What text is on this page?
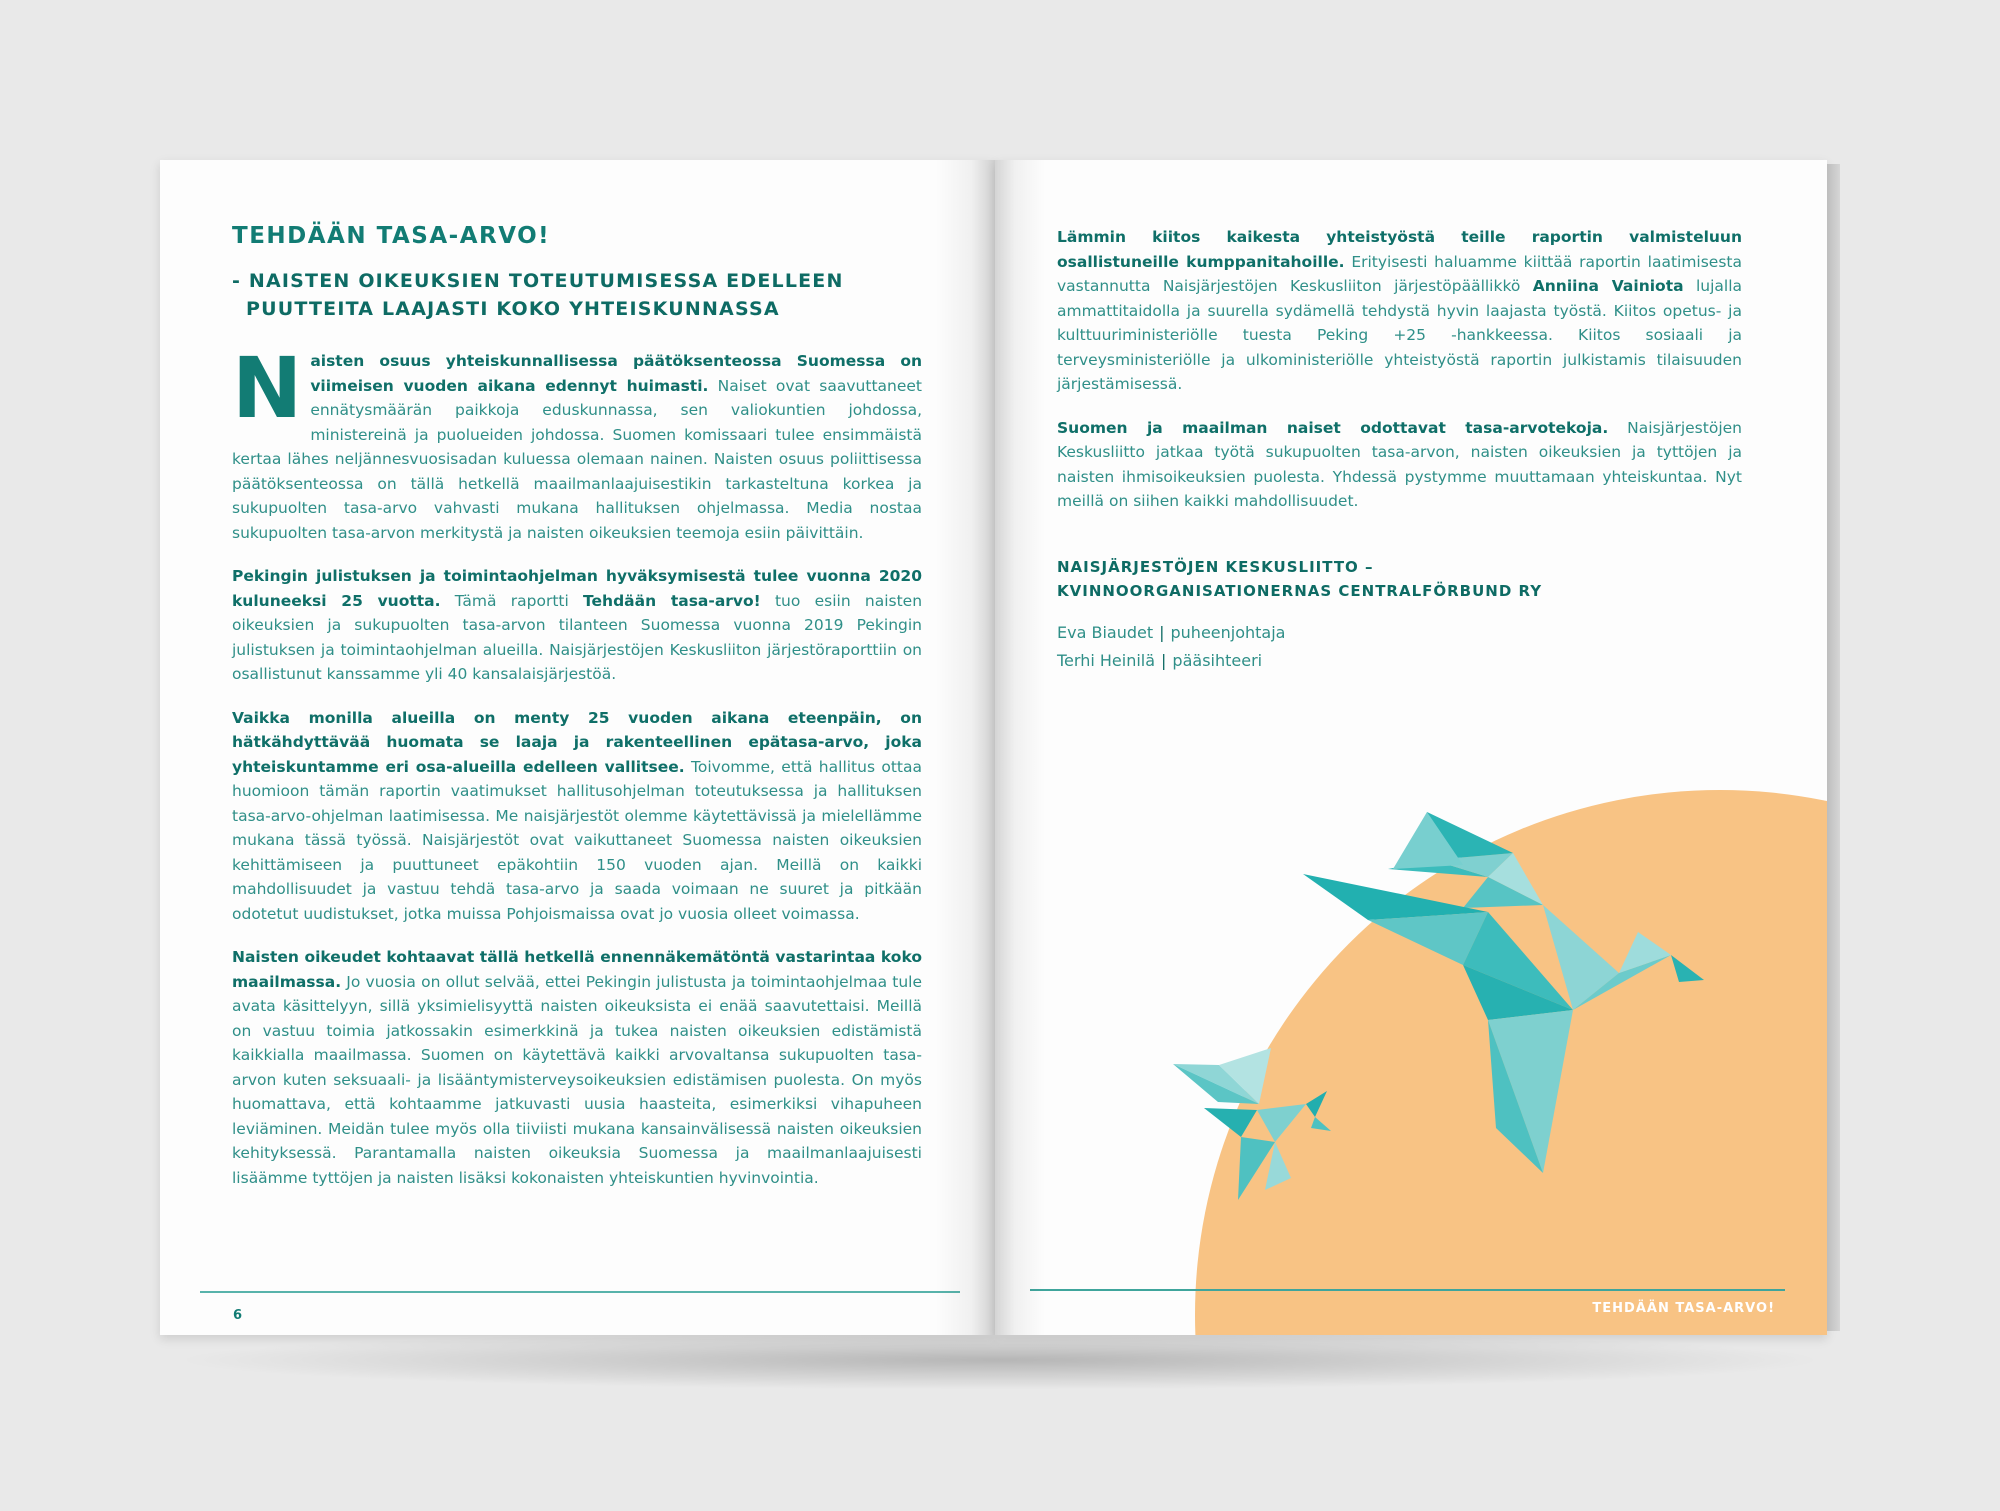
TEHDÄÄN TASA-ARVO!
- NAISTEN OIKEUKSIEN TOTEUTUMISESSA EDELLEEN
PUUTTEITA LAAJASTI KOKO YHTEISKUNNASSA

Naisten osuus yhteiskunnallisessa päätöksenteossa Suomessa on viimeisen vuoden aikana edennyt huimasti. Naiset ovat saavuttaneet ennätysmäärän paikkoja eduskunnassa, sen valiokuntien johdossa, ministereinä ja puolueiden johdossa. Suomen komissaari tulee ensimmäistä kertaa lähes neljännesvuosisadan kuluessa olemaan nainen. Naisten osuus poliittisessa päätöksenteossa on tällä hetkellä maailmanlaajuisestikin tarkasteltuna korkea ja sukupuolten tasa-arvo vahvasti mukana hallituksen ohjelmassa. Media nostaa sukupuolten tasa-arvon merkitystä ja naisten oikeuksien teemoja esiin päivittäin.

Pekingin julistuksen ja toimintaohjelman hyväksymisestä tulee vuonna 2020 kuluneeksi 25 vuotta. Tämä raportti Tehdään tasa-arvo! tuo esiin naisten oikeuksien ja sukupuolten tasa-arvon tilanteen Suomessa vuonna 2019 Pekingin julistuksen ja toimintaohjelman alueilla. Naisjärjestöjen Keskusliiton järjestöraporttiin on osallistunut kanssamme yli 40 kansalaisjärjestöä.

Vaikka monilla alueilla on menty 25 vuoden aikana eteenpäin, on hätkähdyttävää huomata se laaja ja rakenteellinen epätasa-arvo, joka yhteiskuntamme eri osa-alueilla edelleen vallitsee. Toivomme, että hallitus ottaa huomioon tämän raportin vaatimukset hallitusohjelman toteutuksessa ja hallituksen tasa-arvo-ohjelman laatimisessa. Me naisjärjestöt olemme käytettävissä ja mielellämme mukana tässä työssä. Naisjärjestöt ovat vaikuttaneet Suomessa naisten oikeuksien kehittämiseen ja puuttuneet epäkohtiin 150 vuoden ajan. Meillä on kaikki mahdollisuudet ja vastuu tehdä tasa-arvo ja saada voimaan ne suuret ja pitkään odotetut uudistukset, jotka muissa Pohjoismaissa ovat jo vuosia olleet voimassa.

Naisten oikeudet kohtaavat tällä hetkellä ennennäkemätöntä vastarintaa koko maailmassa. Jo vuosia on ollut selvää, ettei Pekingin julistusta ja toimintaohjelmaa tule avata käsittelyyn, sillä yksimielisyyttä naisten oikeuksista ei enää saavutettaisi. Meillä on vastuu toimia jatkossakin esimerkkinä ja tukea naisten oikeuksien edistämistä kaikkialla maailmassa. Suomen on käytettävä kaikki arvovaltansa sukupuolten tasa-arvon kuten seksuaali- ja lisääntymisterveysoikeuksien edistämisen puolesta. On myös huomattava, että kohtaamme jatkuvasti uusia haasteita, esimerkiksi vihapuheen leviäminen. Meidän tulee myös olla tiiviisti mukana kansainvälisessä naisten oikeuksien kehityksessä. Parantamalla naisten oikeuksia Suomessa ja maailmanlaajuisesti lisäämme tyttöjen ja naisten lisäksi kokonaisten yhteiskuntien hyvinvointia.

6

Lämmin kiitos kaikesta yhteistyöstä teille raportin valmisteluun osallistuneille kumppanitahoille. Erityisesti haluamme kiittää raportin laatimisesta vastannutta Naisjärjestöjen Keskusliiton järjestöpäällikkö Anniina Vainiota lujalla ammattitaidolla ja suurella sydämellä tehdystä hyvin laajasta työstä. Kiitos opetus- ja kulttuuriministeriölle tuesta Peking +25 -hankkeessa. Kiitos sosiaali ja terveysministeriölle ja ulkoministeriölle yhteistyöstä raportin julkistamis tilaisuuden järjestämisessä.

Suomen ja maailman naiset odottavat tasa-arvotekoja. Naisjärjestöjen Keskusliitto jatkaa työtä sukupuolten tasa-arvon, naisten oikeuksien ja tyttöjen ja naisten ihmisoikeuksien puolesta. Yhdessä pystymme muuttamaan yhteiskuntaa. Nyt meillä on siihen kaikki mahdollisuudet.

NAISJÄRJESTÖJEN KESKUSLIITTO –
KVINNOORGANISATIONERNAS CENTRALFÖRBUND RY
Eva Biaudet | puheenjohtaja
Terhi Heinilä | pääsihteeri
TEHDÄÄN TASA-ARVO!
